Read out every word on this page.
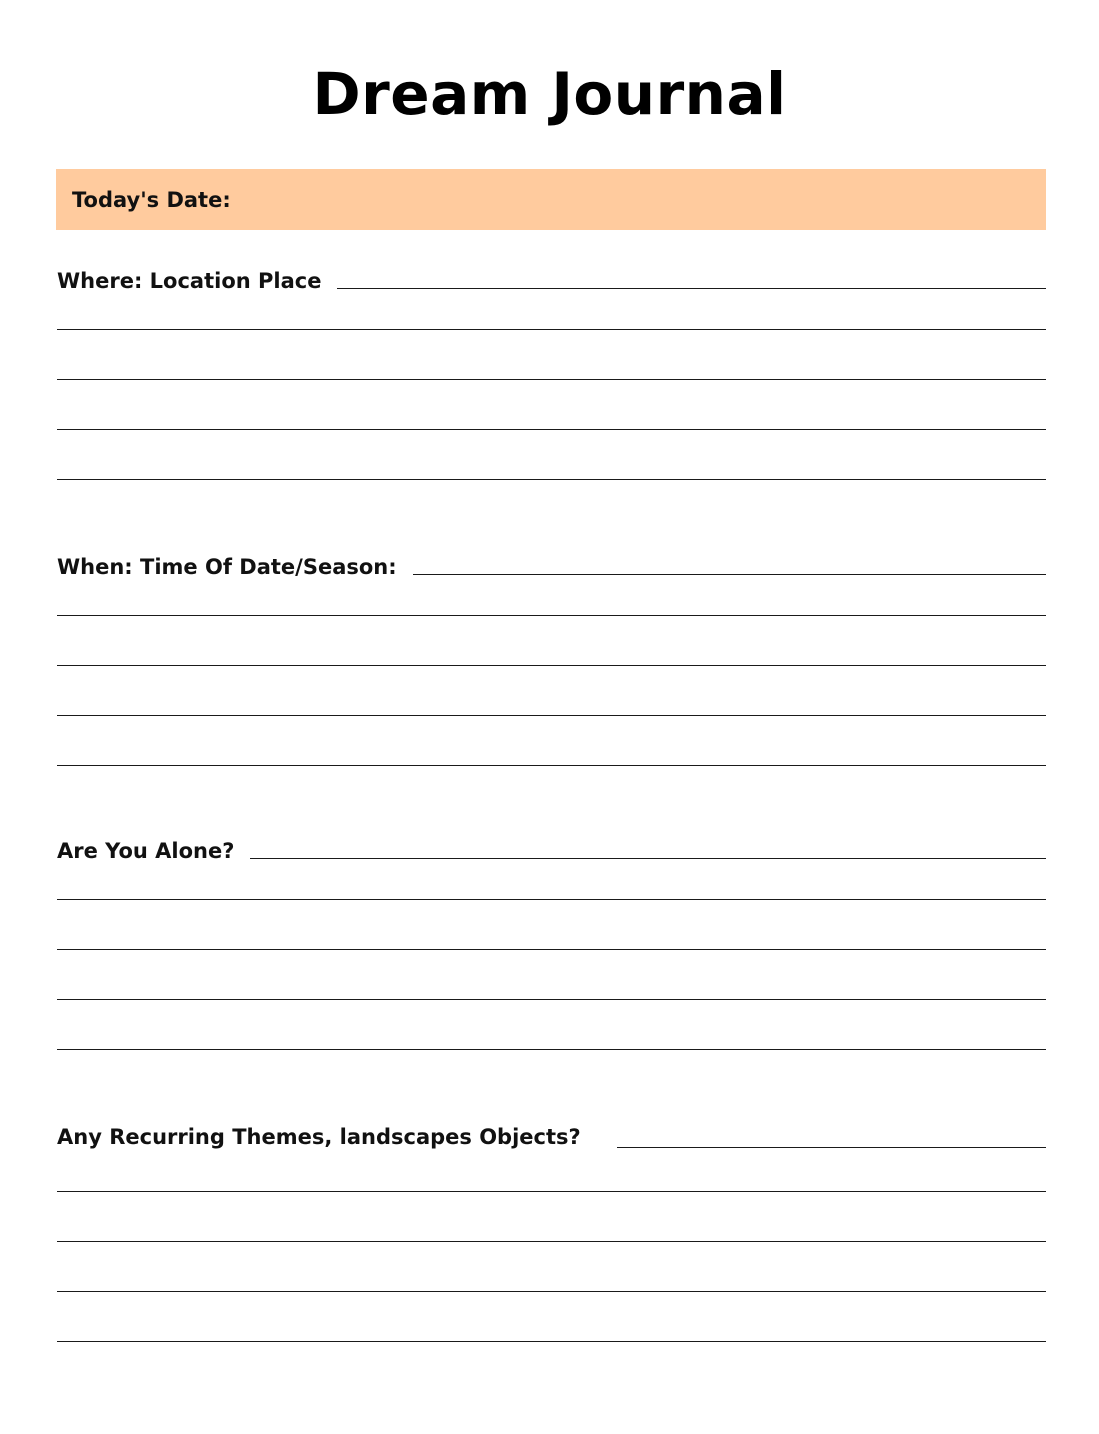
Dream Journal
Today's Date:
Where: Location Place
When: Time Of Date/Season:
Are You Alone?
Any Recurring Themes, landscapes Objects?
